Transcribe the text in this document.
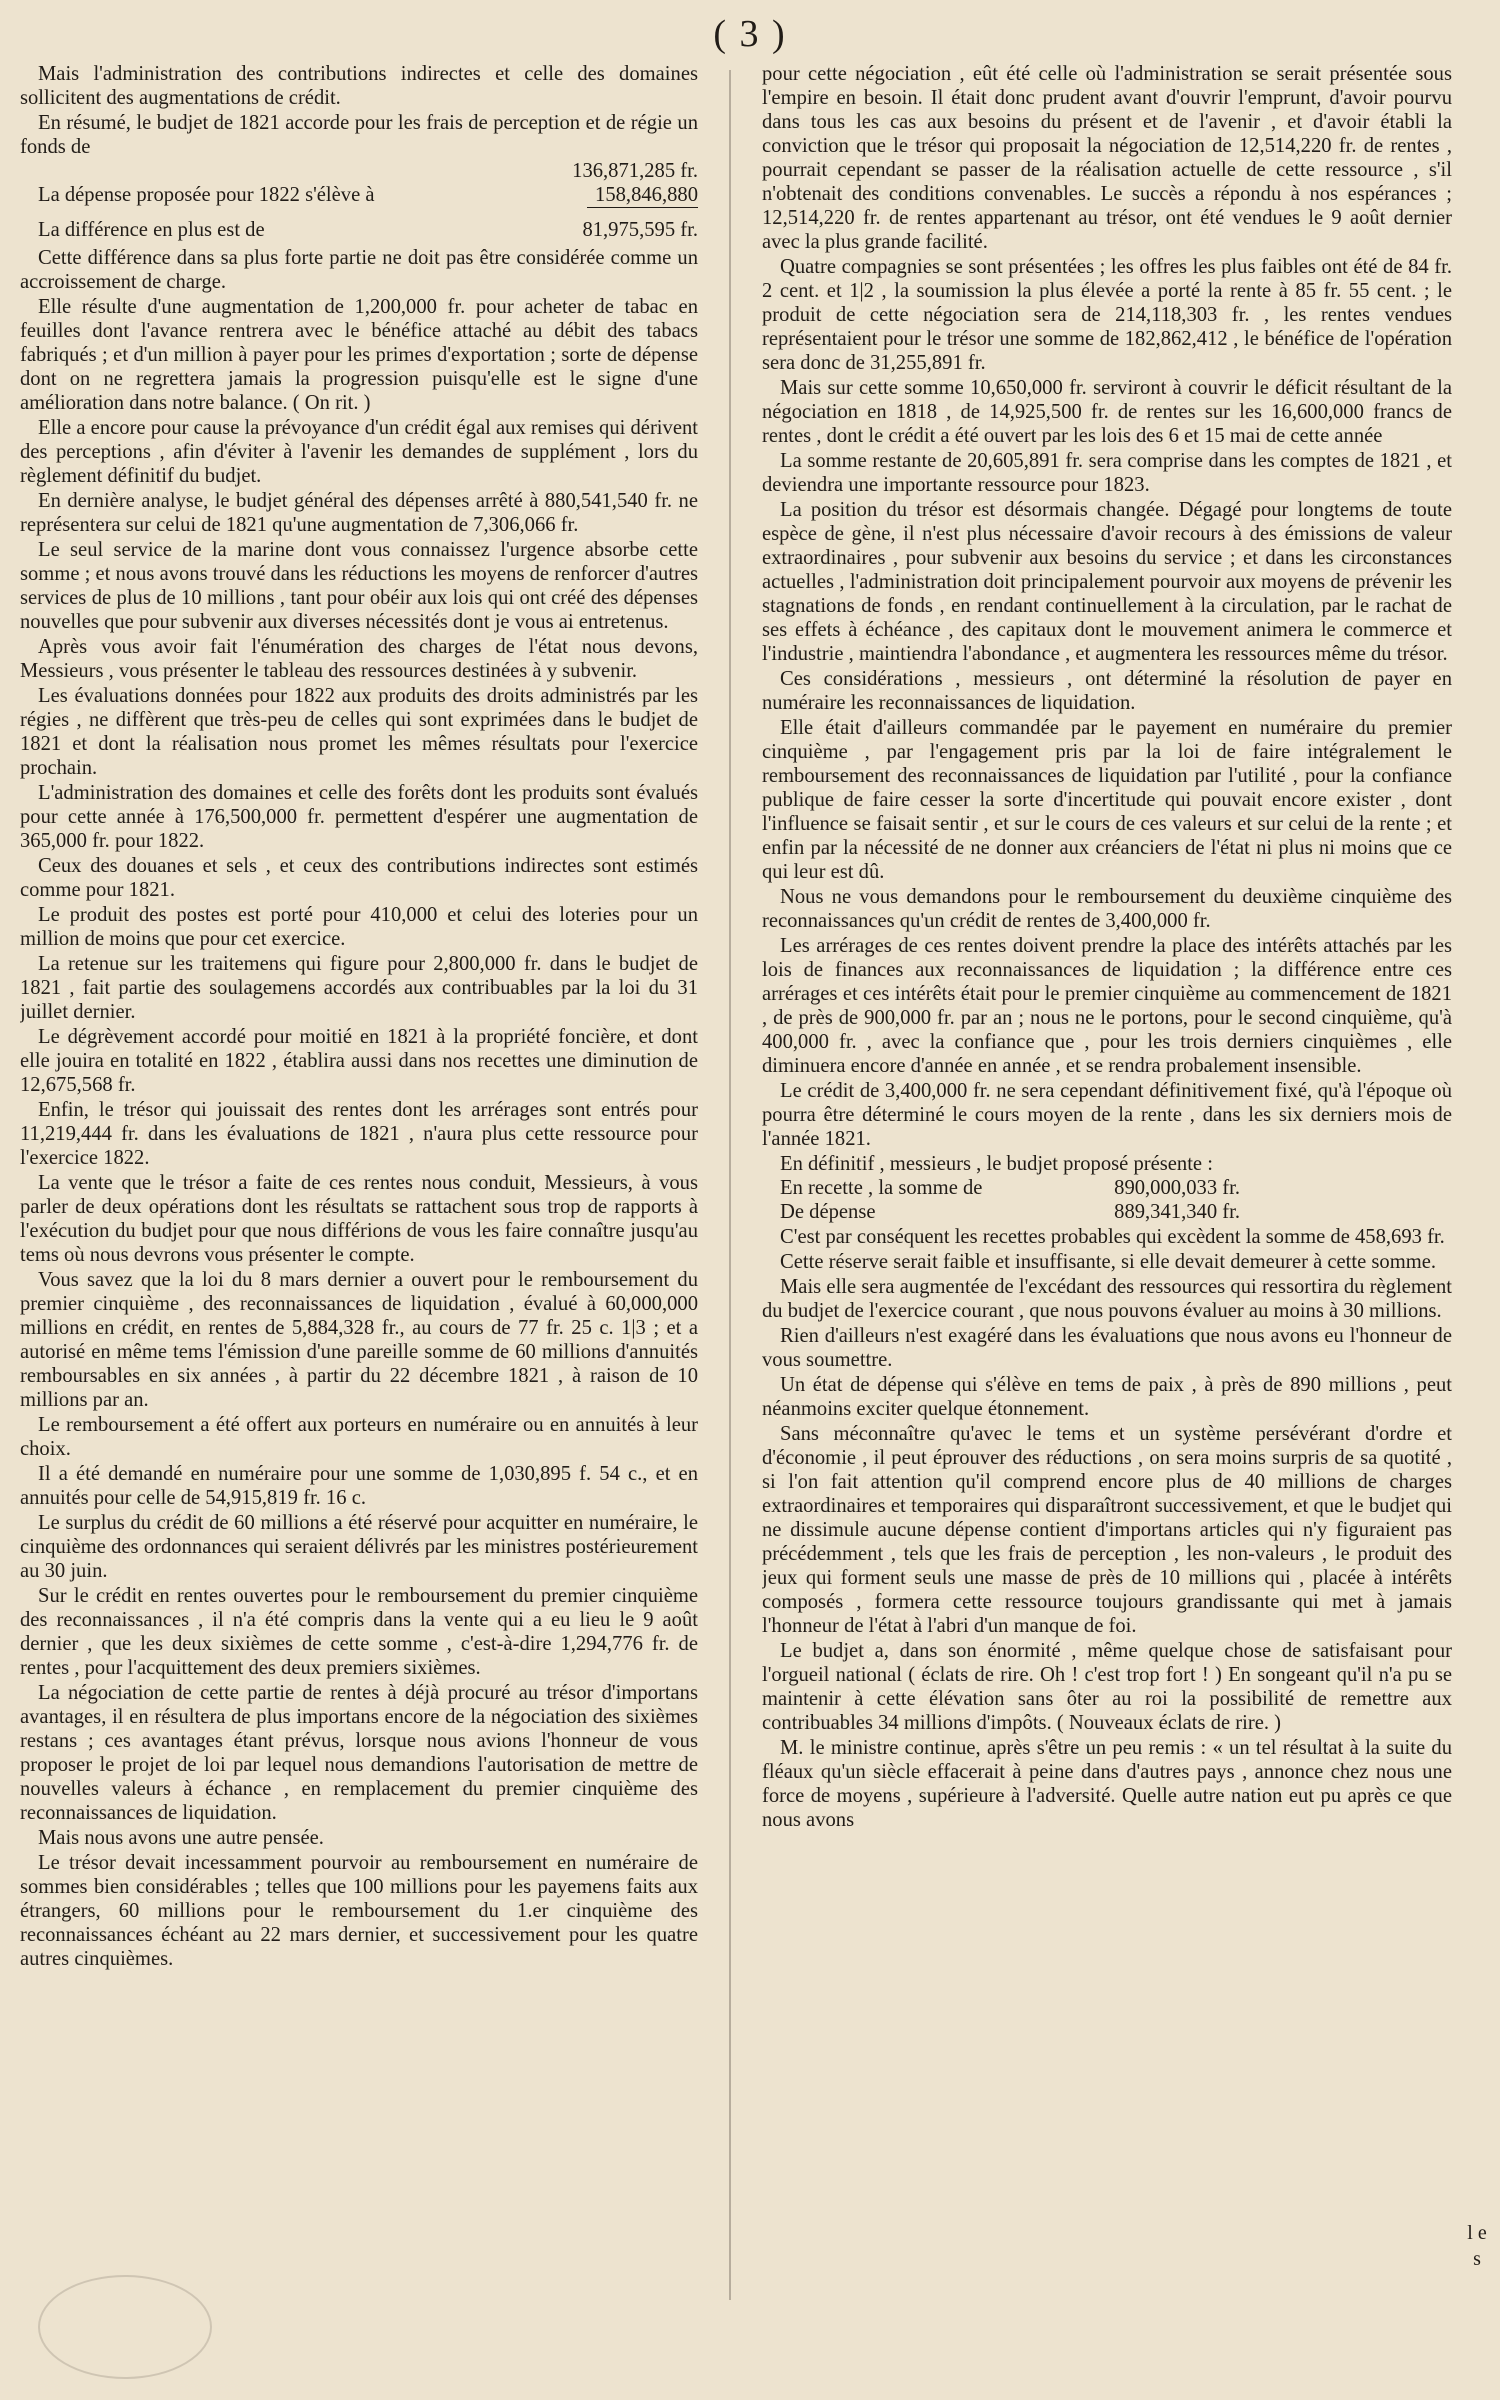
( 3 )

Mais l'administration des contributions indirectes et celle des domaines sollicitent des augmentations de crédit.

En résumé, le budjet de 1821 accorde pour les frais de perception et de régie un fonds de

136,871,285 fr.
La dépense proposée pour 1822 s'élève à	158,846,880
La différence en plus est de	81,975,595 fr.

Cette différence dans sa plus forte partie ne doit pas être considérée comme un accroissement de charge.

Elle résulte d'une augmentation de 1,200,000 fr. pour acheter de tabac en feuilles dont l'avance rentrera avec le bénéfice attaché au débit des tabacs fabriqués ; et d'un million à payer pour les primes d'exportation ; sorte de dépense dont on ne regrettera jamais la progression puisqu'elle est le signe d'une amélioration dans notre balance. ( On rit. )

Elle a encore pour cause la prévoyance d'un crédit égal aux remises qui dérivent des perceptions , afin d'éviter à l'avenir les demandes de supplément , lors du règlement définitif du budjet.

En dernière analyse, le budjet général des dépenses arrêté à 880,541,540 fr. ne représentera sur celui de 1821 qu'une augmentation de 7,306,066 fr.

Le seul service de la marine dont vous connaissez l'urgence absorbe cette somme ; et nous avons trouvé dans les réductions les moyens de renforcer d'autres services de plus de 10 millions , tant pour obéir aux lois qui ont créé des dépenses nouvelles que pour subvenir aux diverses nécessités dont je vous ai entretenus.

Après vous avoir fait l'énumération des charges de l'état nous devons, Messieurs , vous présenter le tableau des ressources destinées à y subvenir.

Les évaluations données pour 1822 aux produits des droits administrés par les régies , ne diffèrent que très-peu de celles qui sont exprimées dans le budjet de 1821 et dont la réalisation nous promet les mêmes résultats pour l'exercice prochain.

L'administration des domaines et celle des forêts dont les produits sont évalués pour cette année à 176,500,000 fr. permettent d'espérer une augmentation de 365,000 fr. pour 1822.

Ceux des douanes et sels , et ceux des contributions indirectes sont estimés comme pour 1821.

Le produit des postes est porté pour 410,000 et celui des loteries pour un million de moins que pour cet exercice.

La retenue sur les traitemens qui figure pour 2,800,000 fr. dans le budjet de 1821 , fait partie des soulagemens accordés aux contribuables par la loi du 31 juillet dernier.

Le dégrèvement accordé pour moitié en 1821 à la propriété foncière, et dont elle jouira en totalité en 1822 , établira aussi dans nos recettes une diminution de 12,675,568 fr.

Enfin, le trésor qui jouissait des rentes dont les arrérages sont entrés pour 11,219,444 fr. dans les évaluations de 1821 , n'aura plus cette ressource pour l'exercice 1822.

La vente que le trésor a faite de ces rentes nous conduit, Messieurs, à vous parler de deux opérations dont les résultats se rattachent sous trop de rapports à l'exécution du budjet pour que nous différions de vous les faire connaître jusqu'au tems où nous devrons vous présenter le compte.

Vous savez que la loi du 8 mars dernier a ouvert pour le remboursement du premier cinquième , des reconnaissances de liquidation , évalué à 60,000,000 millions en crédit, en rentes de 5,884,328 fr., au cours de 77 fr. 25 c. 1|3 ; et a autorisé en même tems l'émission d'une pareille somme de 60 millions d'annuités remboursables en six années , à partir du 22 décembre 1821 , à raison de 10 millions par an.

Le remboursement a été offert aux porteurs en numéraire ou en annuités à leur choix.

Il a été demandé en numéraire pour une somme de 1,030,895 f. 54 c., et en annuités pour celle de 54,915,819 fr. 16 c.

Le surplus du crédit de 60 millions a été réservé pour acquitter en numéraire, le cinquième des ordonnances qui seraient délivrés par les ministres postérieurement au 30 juin.

Sur le crédit en rentes ouvertes pour le remboursement du premier cinquième des reconnaissances , il n'a été compris dans la vente qui a eu lieu le 9 août dernier , que les deux sixièmes de cette somme , c'est-à-dire 1,294,776 fr. de rentes , pour l'acquittement des deux premiers sixièmes.

La négociation de cette partie de rentes à déjà procuré au trésor d'importans avantages, il en résultera de plus importans encore de la négociation des sixièmes restans ; ces avantages étant prévus, lorsque nous avions l'honneur de vous proposer le projet de loi par lequel nous demandions l'autorisation de mettre de nouvelles valeurs à échance , en remplacement du premier cinquième des reconnaissances de liquidation.

Mais nous avons une autre pensée.

Le trésor devait incessamment pourvoir au remboursement en numéraire de sommes bien considérables ; telles que 100 millions pour les payemens faits aux étrangers, 60 millions pour le remboursement du 1.er cinquième des reconnaissances échéant au 22 mars dernier, et successivement pour les quatre autres cinquièmes.

pour cette négociation , eût été celle où l'administration se serait présentée sous l'empire en besoin. Il était donc prudent avant d'ouvrir l'emprunt, d'avoir pourvu dans tous les cas aux besoins du présent et de l'avenir , et d'avoir établi la conviction que le trésor qui proposait la négociation de 12,514,220 fr. de rentes , pourrait cependant se passer de la réalisation actuelle de cette ressource , s'il n'obtenait des conditions convenables. Le succès a répondu à nos espérances ; 12,514,220 fr. de rentes appartenant au trésor, ont été vendues le 9 août dernier avec la plus grande facilité.

Quatre compagnies se sont présentées ; les offres les plus faibles ont été de 84 fr. 2 cent. et 1|2 , la soumission la plus élevée a porté la rente à 85 fr. 55 cent. ; le produit de cette négociation sera de 214,118,303 fr. , les rentes vendues représentaient pour le trésor une somme de 182,862,412 , le bénéfice de l'opération sera donc de 31,255,891 fr.

Mais sur cette somme 10,650,000 fr. serviront à couvrir le déficit résultant de la négociation en 1818 , de 14,925,500 fr. de rentes sur les 16,600,000 francs de rentes , dont le crédit a été ouvert par les lois des 6 et 15 mai de cette année

La somme restante de 20,605,891 fr. sera comprise dans les comptes de 1821 , et deviendra une importante ressource pour 1823.

La position du trésor est désormais changée. Dégagé pour longtems de toute espèce de gène, il n'est plus nécessaire d'avoir recours à des émissions de valeur extraordinaires , pour subvenir aux besoins du service ; et dans les circonstances actuelles , l'administration doit principalement pourvoir aux moyens de prévenir les stagnations de fonds , en rendant continuellement à la circulation, par le rachat de ses effets à échéance , des capitaux dont le mouvement animera le commerce et l'industrie , maintiendra l'abondance , et augmentera les ressources même du trésor.

Ces considérations , messieurs , ont déterminé la résolution de payer en numéraire les reconnaissances de liquidation.

Elle était d'ailleurs commandée par le payement en numéraire du premier cinquième , par l'engagement pris par la loi de faire intégralement le remboursement des reconnaissances de liquidation par l'utilité , pour la confiance publique de faire cesser la sorte d'incertitude qui pouvait encore exister , dont l'influence se faisait sentir , et sur le cours de ces valeurs et sur celui de la rente ; et enfin par la nécessité de ne donner aux créanciers de l'état ni plus ni moins que ce qui leur est dû.

Nous ne vous demandons pour le remboursement du deuxième cinquième des reconnaissances qu'un crédit de rentes de 3,400,000 fr.

Les arrérages de ces rentes doivent prendre la place des intérêts attachés par les lois de finances aux reconnaissances de liquidation ; la différence entre ces arrérages et ces intérêts était pour le premier cinquième au commencement de 1821 , de près de 900,000 fr. par an ; nous ne le portons, pour le second cinquième, qu'à 400,000 fr. , avec la confiance que , pour les trois derniers cinquièmes , elle diminuera encore d'année en année , et se rendra probalement insensible.

Le crédit de 3,400,000 fr. ne sera cependant définitivement fixé, qu'à l'époque où pourra être déterminé le cours moyen de la rente , dans les six derniers mois de l'année 1821.

En définitif , messieurs , le budjet proposé présente :

En recette , la somme de	890,000,033 fr.
De dépense	889,341,340 fr.

C'est par conséquent les recettes probables qui excèdent la somme de 458,693 fr.

Cette réserve serait faible et insuffisante, si elle devait demeurer à cette somme.

Mais elle sera augmentée de l'excédant des ressources qui ressortira du règlement du budjet de l'exercice courant , que nous pouvons évaluer au moins à 30 millions.

Rien d'ailleurs n'est exagéré dans les évaluations que nous avons eu l'honneur de vous soumettre.

Un état de dépense qui s'élève en tems de paix , à près de 890 millions , peut néanmoins exciter quelque étonnement.

Sans méconnaître qu'avec le tems et un système persévérant d'ordre et d'économie , il peut éprouver des réductions , on sera moins surpris de sa quotité , si l'on fait attention qu'il comprend encore plus de 40 millions de charges extraordinaires et temporaires qui disparaîtront successivement, et que le budjet qui ne dissimule aucune dépense contient d'importans articles qui n'y figuraient pas précédemment , tels que les frais de perception , les non-valeurs , le produit des jeux qui forment seuls une masse de près de 10 millions qui , placée à intérêts composés , formera cette ressource toujours grandissante qui met à jamais l'honneur de l'état à l'abri d'un manque de foi.

Le budjet a, dans son énormité , même quelque chose de satisfaisant pour l'orgueil national ( éclats de rire. Oh ! c'est trop fort ! ) En songeant qu'il n'a pu se maintenir à cette élévation sans ôter au roi la possibilité de remettre aux contribuables 34 millions d'impôts. ( Nouveaux éclats de rire. )

M. le ministre continue, après s'être un peu remis : « un tel résultat à la suite du fléaux qu'un siècle effacerait à peine dans d'autres pays , annonce chez nous une force de moyens , supérieure à l'adversité. Quelle autre nation eut pu après ce que nous avons

l e s
